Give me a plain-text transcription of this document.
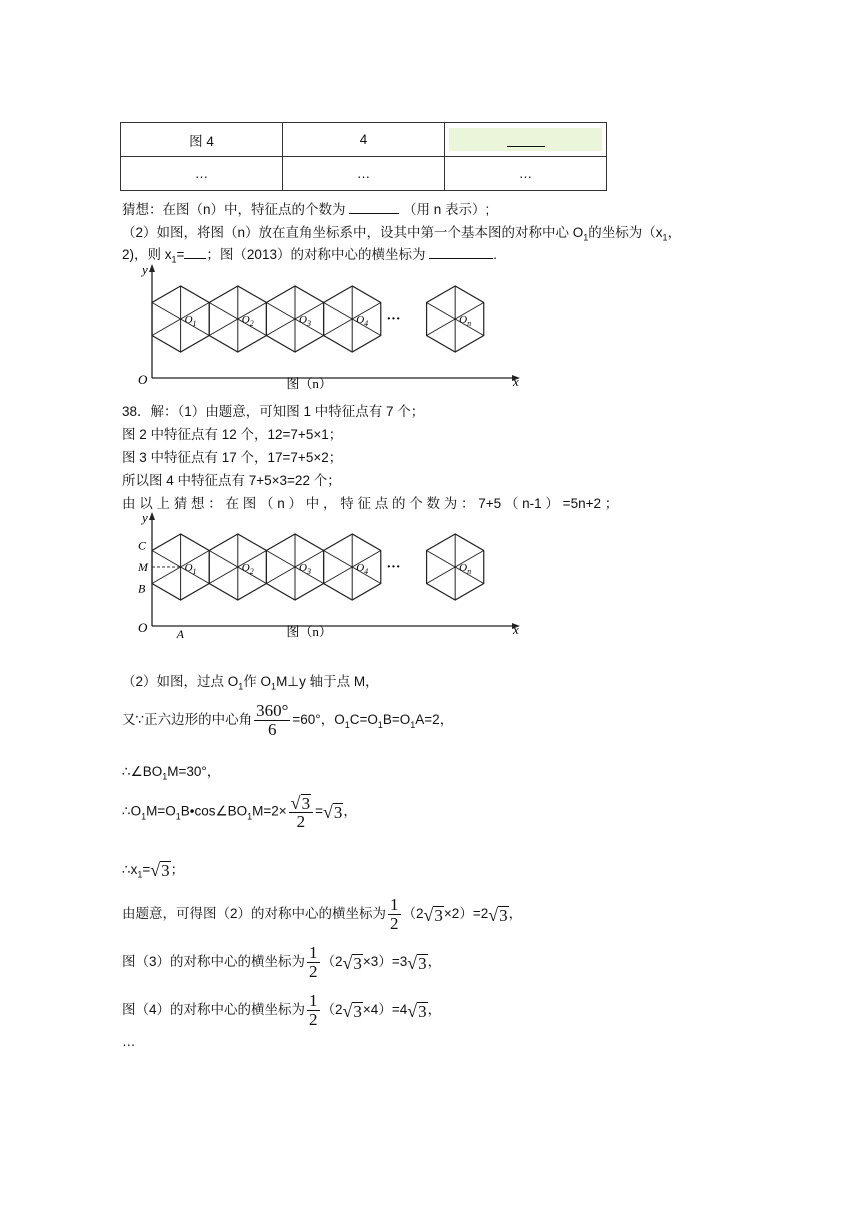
图 4	4	

…	…	…
猜想：在图（n）中，特征点的个数为	（用 n 表示）;
（2）如图，将图（n）放在直角坐标系中，设其中第一个基本图的对称中心 $O_1$的坐标为（$x_1$，
2)，则 $x_1=$ ；图（2013）的对称中心的横坐标为	.
y
x
O
$O_1$	$O_2$	$O_3$	$O_4$	$O_n$
···
图（n）
38．解：（1）由题意，可知图 1 中特征点有 7 个；
图 2 中特征点有 12 个，12=7+5×1；
图 3 中特征点有 17 个，17=7+5×2；
所以图 4 中特征点有 7+5×3=22 个；
由 以 上 猜 想 ： 在 图 （ n ） 中 ， 特 征 点 的 个 数 为 ： 7+5 （ n-1 ） =5n+2 ；
y
x
O
$O_1$	$O_2$	$O_3$	$O_4$	$O_n$
···
图（n）
C
M
B
A
（2）如图，过点 $O_1$作 $O_1M\perp y$ 轴于点 M，
又∵正六边形的中心角 $\frac{360^\circ}{6} =60^\circ$，$O_1C=O_1B=O_1A=2$，
$\therefore\angle BO_1M=30^\circ$，
$\therefore O_1M=O_1B•\cos\angle BO_1M=2\times \frac{√ 3}{2}$ = √ 3 ，
$\therefore x_1=$ √ 3 ；
由题意，可得图（2）的对称中心的横坐标为 $\frac{1}{2} (2$ √ 3 ×2）=2 √ 3 ，
图（3）的对称中心的横坐标为 $\frac{1}{2} (2$ √ 3 ×3）=3 √ 3 ，
图（4）的对称中心的横坐标为 $\frac{1}{2} (2$ √ 3 ×4）=4 √ 3 ，
…
